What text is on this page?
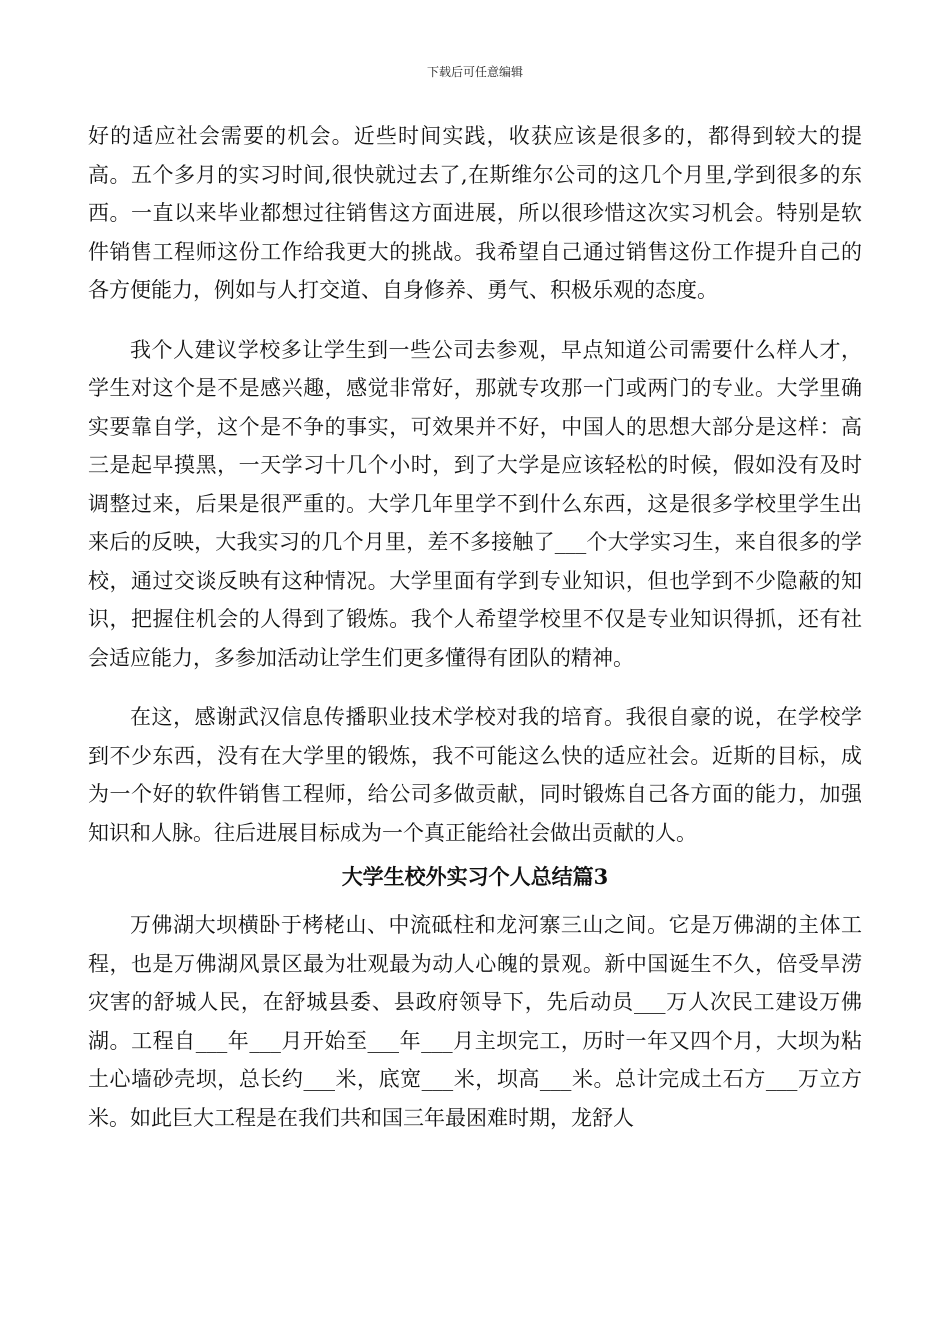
下载后可任意编辑

好的适应社会需要的机会。近些时间实践，收获应该是很多的，都得到较大的提高。五个多月的实习时间,很快就过去了,在斯维尔公司的这几个月里,学到很多的东西。一直以来毕业都想过往销售这方面进展，所以很珍惜这次实习机会。特别是软件销售工程师这份工作给我更大的挑战。我希望自己通过销售这份工作提升自己的各方便能力，例如与人打交道、自身修养、勇气、积极乐观的态度。

我个人建议学校多让学生到一些公司去参观，早点知道公司需要什么样人才，学生对这个是不是感兴趣，感觉非常好，那就专攻那一门或两门的专业。大学里确实要靠自学，这个是不争的事实，可效果并不好，中国人的思想大部分是这样：高三是起早摸黑，一天学习十几个小时，到了大学是应该轻松的时候，假如没有及时调整过来，后果是很严重的。大学几年里学不到什么东西，这是很多学校里学生出来后的反映，大我实习的几个月里，差不多接触了___个大学实习生，来自很多的学校，通过交谈反映有这种情况。大学里面有学到专业知识，但也学到不少隐蔽的知识，把握住机会的人得到了锻炼。我个人希望学校里不仅是专业知识得抓，还有社会适应能力，多参加活动让学生们更多懂得有团队的精神。

在这，感谢武汉信息传播职业技术学校对我的培育。我很自豪的说，在学校学到不少东西，没有在大学里的锻炼，我不可能这么快的适应社会。近斯的目标，成为一个好的软件销售工程师，给公司多做贡献，同时锻炼自己各方面的能力，加强知识和人脉。往后进展目标成为一个真正能给社会做出贡献的人。

大学生校外实习个人总结篇3

万佛湖大坝横卧于栲栳山、中流砥柱和龙河寨三山之间。它是万佛湖的主体工程，也是万佛湖风景区最为壮观最为动人心魄的景观。新中国诞生不久，倍受旱涝灾害的舒城人民，在舒城县委、县政府领导下，先后动员___万人次民工建设万佛湖。工程自___年___月开始至___年___月主坝完工，历时一年又四个月，大坝为粘土心墙砂壳坝，总长约___米，底宽___米，坝高___米。总计完成土石方___万立方米。如此巨大工程是在我们共和国三年最困难时期，龙舒人
